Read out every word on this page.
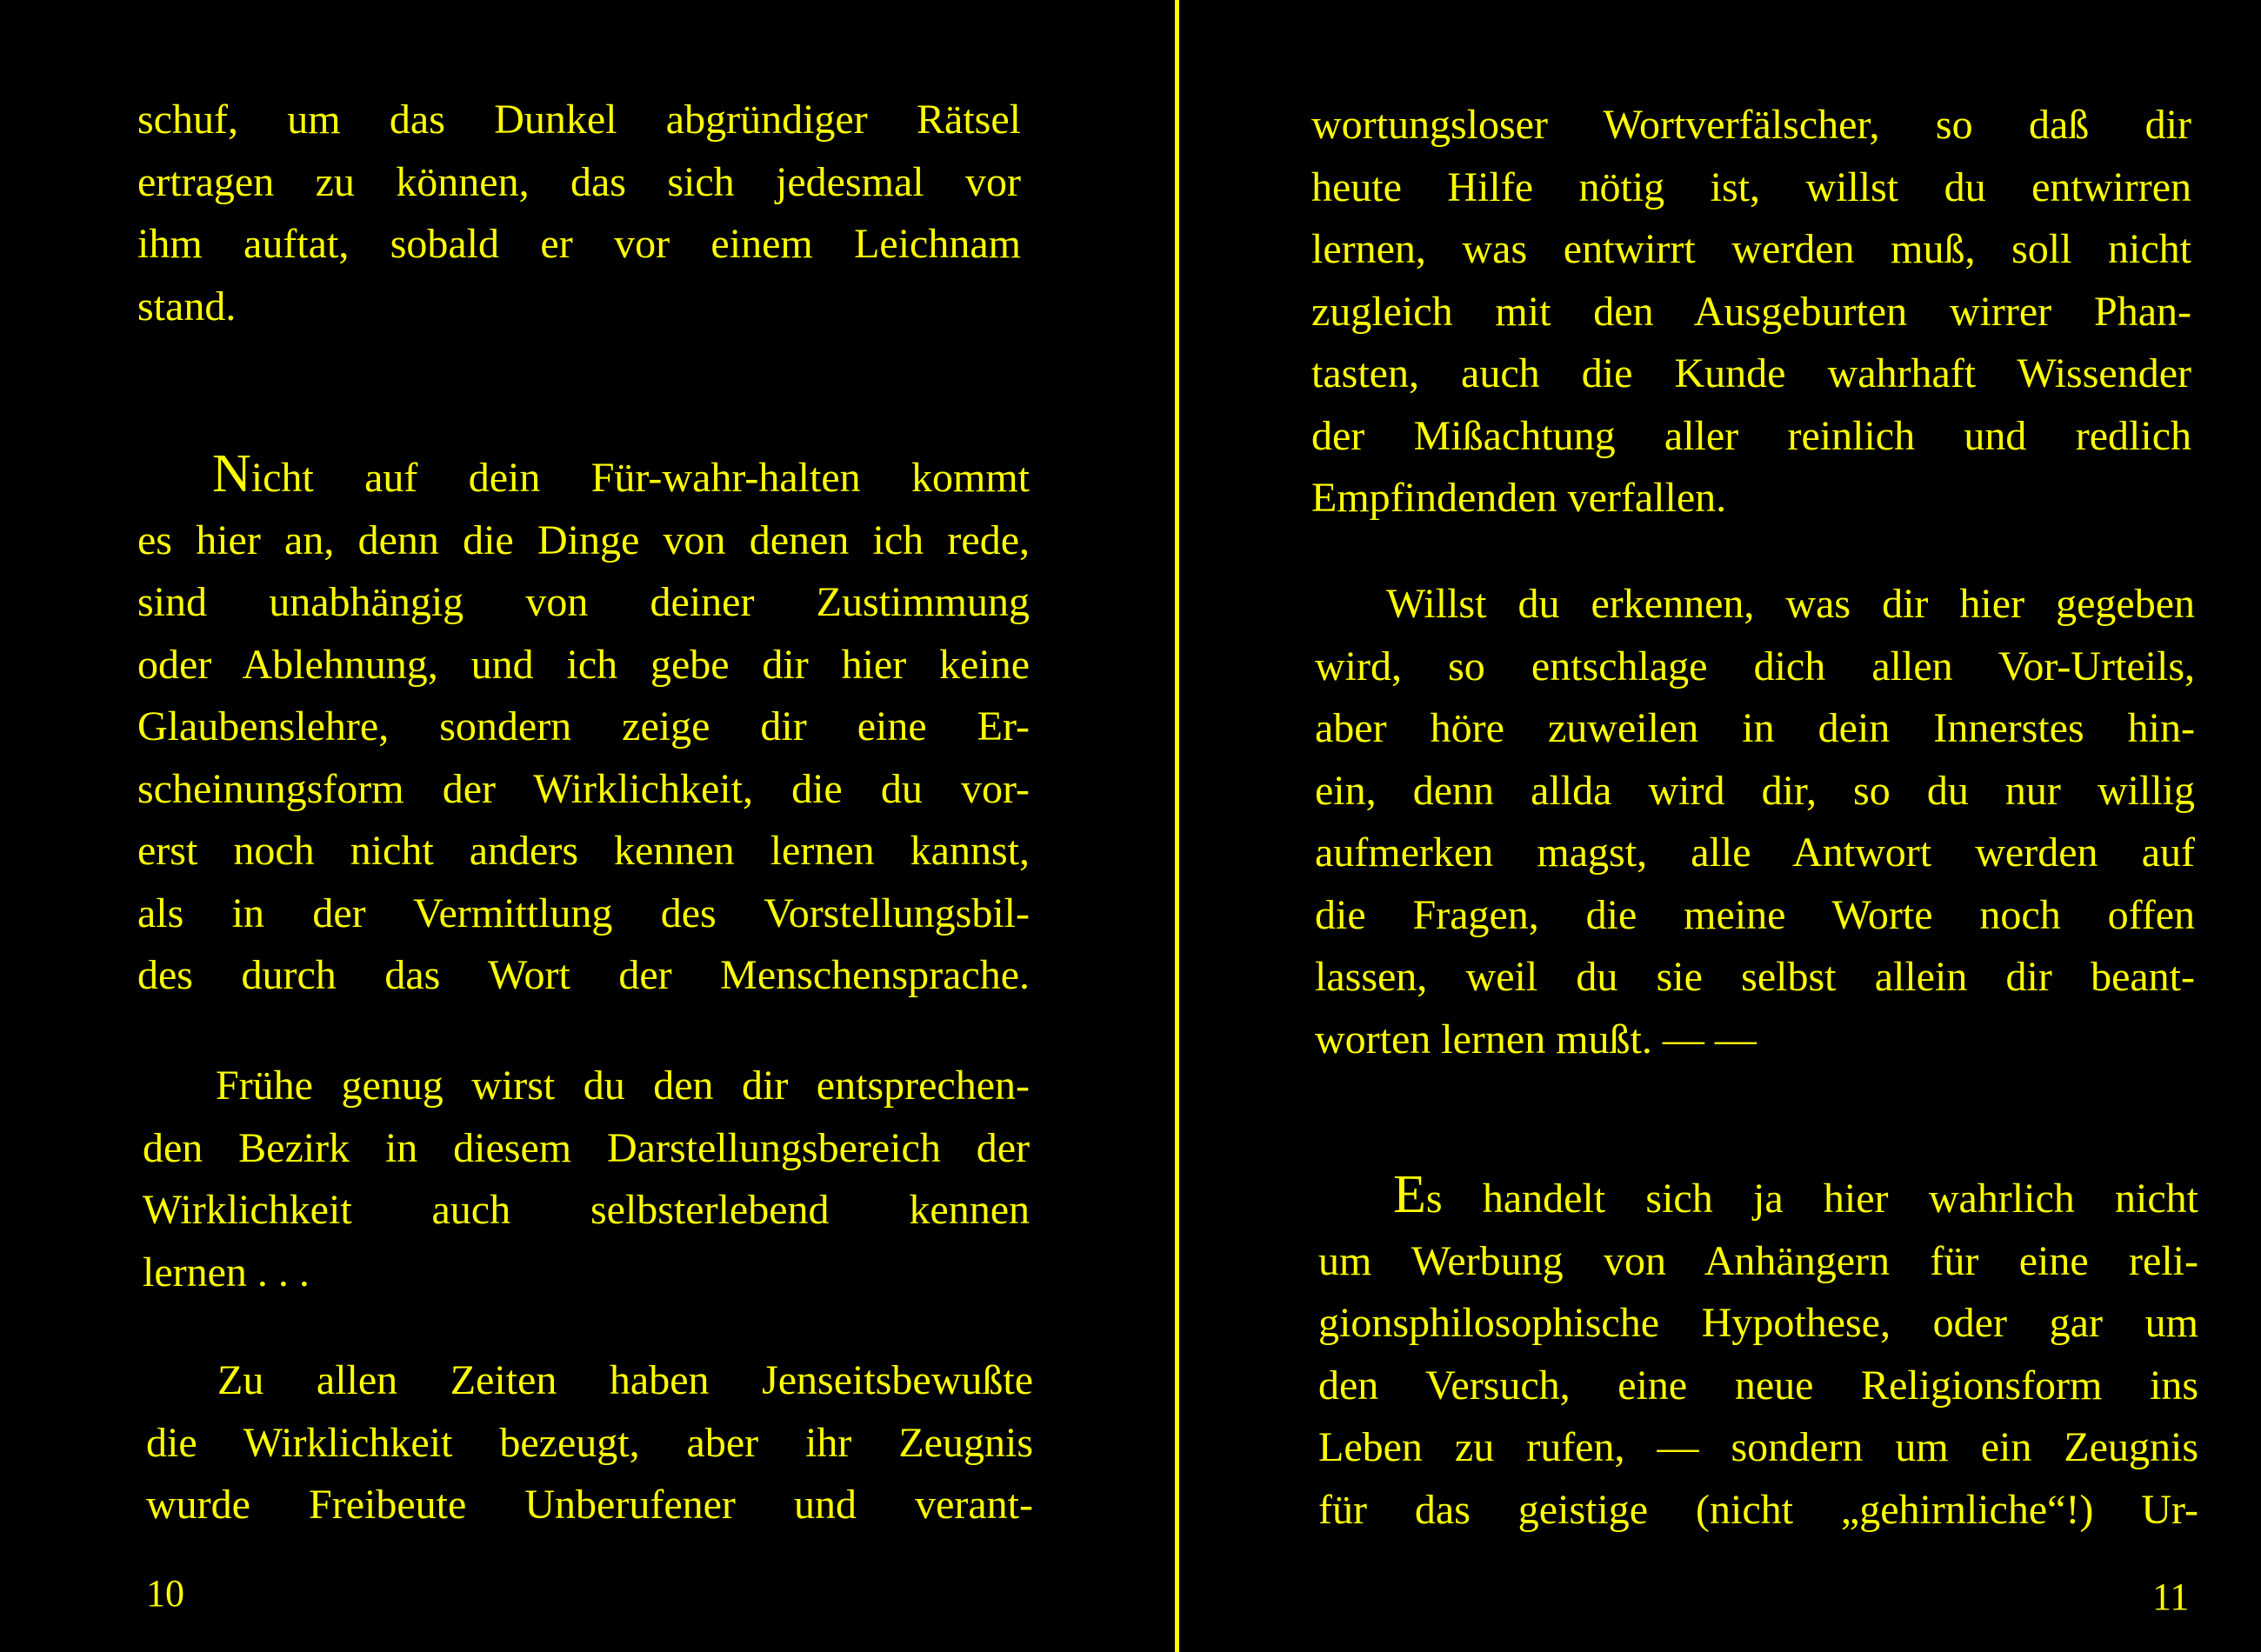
schuf, um das Dunkel abgründiger Rätsel
ertragen zu können, das sich jedesmal vor
ihm auftat, sobald er vor einem Leichnam
stand.
Nicht auf dein Für-wahr-halten kommt
es hier an, denn die Dinge von denen ich rede,
sind unabhängig von deiner Zustimmung
oder Ablehnung, und ich gebe dir hier keine
Glaubenslehre, sondern zeige dir eine Er-
scheinungsform der Wirklichkeit, die du vor-
erst noch nicht anders kennen lernen kannst,
als in der Vermittlung des Vorstellungsbil-
des durch das Wort der Menschensprache.
Frühe genug wirst du den dir entsprechen-
den Bezirk in diesem Darstellungsbereich der
Wirklichkeit auch selbsterlebend kennen
lernen . . .
Zu allen Zeiten haben Jenseitsbewußte
die Wirklichkeit bezeugt, aber ihr Zeugnis
wurde Freibeute Unberufener und verant-
10
wortungsloser Wortverfälscher, so daß dir
heute Hilfe nötig ist, willst du entwirren
lernen, was entwirrt werden muß, soll nicht
zugleich mit den Ausgeburten wirrer Phan-
tasten, auch die Kunde wahrhaft Wissender
der Mißachtung aller reinlich und redlich
Empfindenden verfallen.
Willst du erkennen, was dir hier gegeben
wird, so entschlage dich allen Vor-Urteils,
aber höre zuweilen in dein Innerstes hin-
ein, denn allda wird dir, so du nur willig
aufmerken magst, alle Antwort werden auf
die Fragen, die meine Worte noch offen
lassen, weil du sie selbst allein dir beant-
worten lernen mußt. — —
Es handelt sich ja hier wahrlich nicht
um Werbung von Anhängern für eine reli-
gionsphilosophische Hypothese, oder gar um
den Versuch, eine neue Religionsform ins
Leben zu rufen, — sondern um ein Zeugnis
für das geistige (nicht „gehirnliche“!) Ur-
11
